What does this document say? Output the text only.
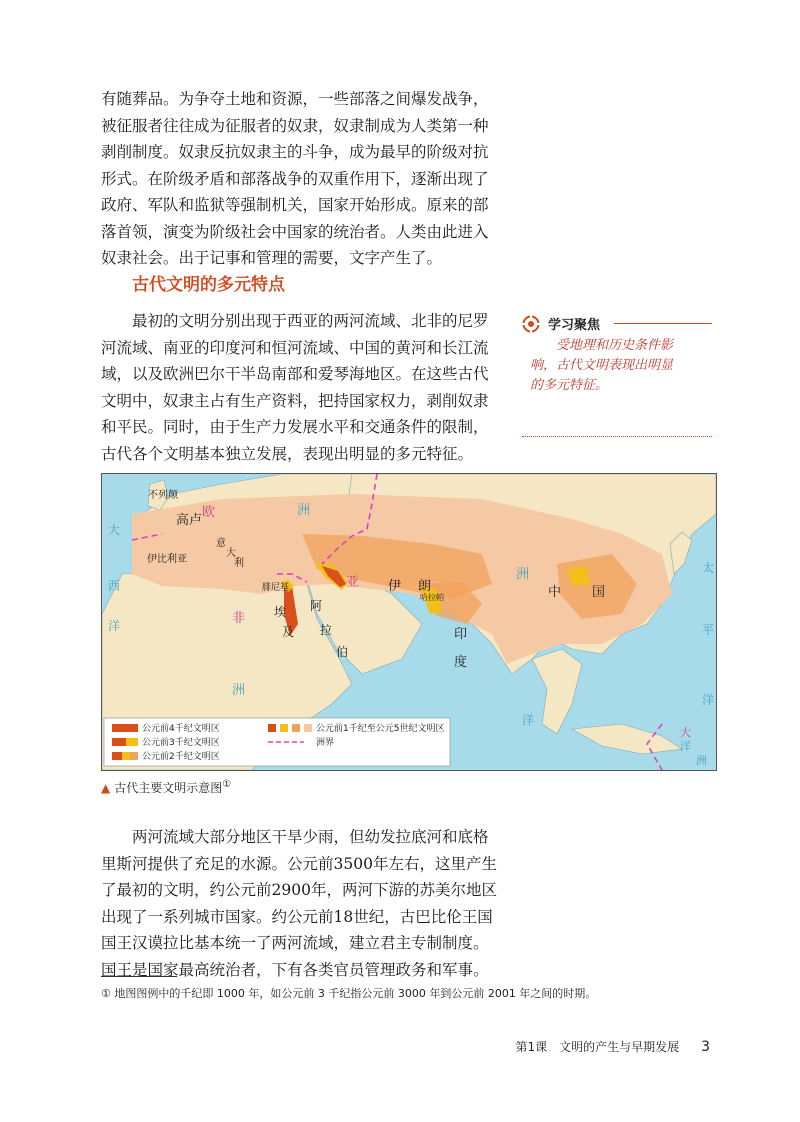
有随葬品。为争夺土地和资源，一些部落之间爆发战争，
被征服者往往成为征服者的奴隶，奴隶制成为人类第一种
剥削制度。奴隶反抗奴隶主的斗争，成为最早的阶级对抗
形式。在阶级矛盾和部落战争的双重作用下，逐渐出现了
政府、军队和监狱等强制机关，国家开始形成。原来的部
落首领，演变为阶级社会中国家的统治者。人类由此进入
奴隶社会。出于记事和管理的需要，文字产生了。
古代文明的多元特点
　　最初的文明分别出现于西亚的两河流域、北非的尼罗
河流域、南亚的印度河和恒河流域、中国的黄河和长江流
域，以及欧洲巴尔干半岛南部和爱琴海地区。在这些古代
文明中，奴隶主占有生产资料，把持国家权力，剥削奴隶
和平民。同时，由于生产力发展水平和交通条件的限制，
古代各个文明基本独立发展，表现出明显的多元特征。
学习聚焦
　　受地理和历史条件影
响，古代文明表现出明显
的多元特征。
不列颠
高卢
伊比利亚
意
大
利
腓尼基
阿
拉
伯
埃
及
伊 朗
哈拉帕
印
度
中 国
欧	洲
亚
非
洲
洲
大
西
洋
太
平
洋
洋
大
洋
洲
公元前4千纪文明区
公元前3千纪文明区
公元前2千纪文明区
公元前1千纪至公元5世纪文明区
洲界
▲ 古代主要文明示意图①
　　两河流域大部分地区干旱少雨，但幼发拉底河和底格
里斯河提供了充足的水源。公元前3500年左右，这里产生
了最初的文明，约公元前2900年，两河下游的苏美尔地区
出现了一系列城市国家。约公元前18世纪，古巴比伦王国
国王汉谟拉比基本统一了两河流域，建立君主专制制度。
国王是国家最高统治者，下有各类官员管理政务和军事。

① 地图图例中的千纪即 1000 年，如公元前 3 千纪指公元前 3000 年到公元前 2001 年之间的时期。

第1课　文明的产生与早期发展 3
